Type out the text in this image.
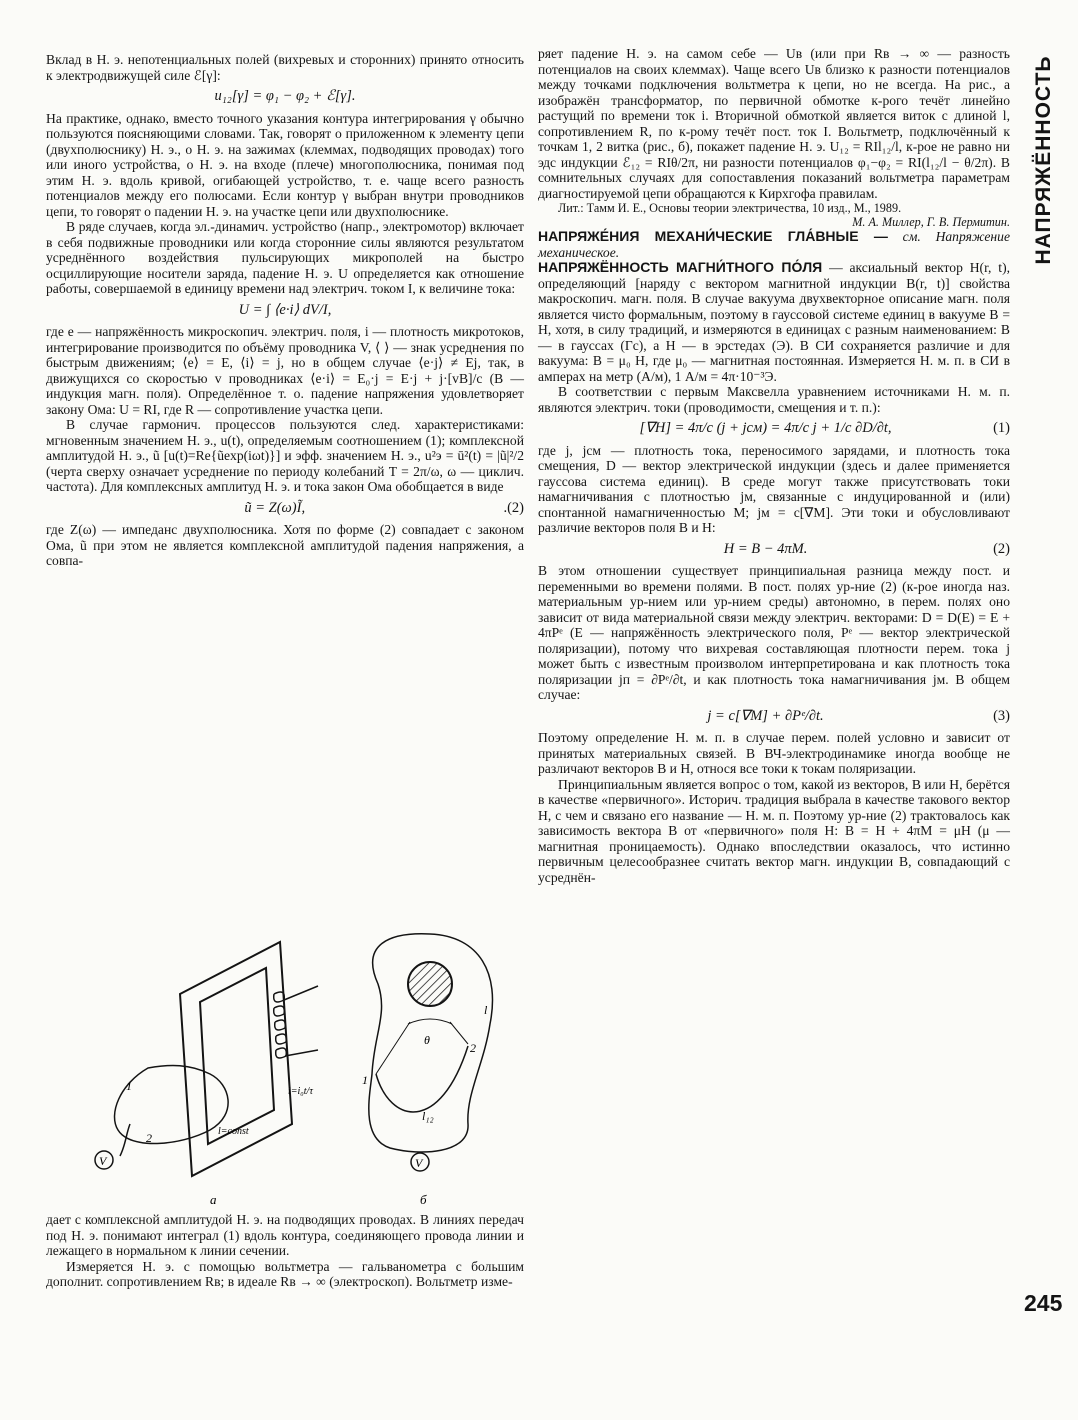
НАПРЯЖЁННОСТЬ
245

Вклад в Н. э. непотенциальных полей (вихревых и сторонних) принято относить к электродвижущей силе ℰ[γ]:

u₁₂[γ] = φ₁ − φ₂ + ℰ[γ].

На практике, однако, вместо точного указания контура интегрирования γ обычно пользуются поясняющими словами. Так, говорят о приложенном к элементу цепи (двухполюснику) Н. э., о Н. э. на зажимах (клеммах, подводящих проводах) того или иного устройства, о Н. э. на входе (плече) многополюсника, понимая под этим Н. э. вдоль кривой, огибающей устройство, т. е. чаще всего разность потенциалов между его полюсами. Если контур γ выбран внутри проводников цепи, то говорят о падении Н. э. на участке цепи или двухполюснике.

В ряде случаев, когда эл.-динамич. устройство (напр., электромотор) включает в себя подвижные проводники или когда сторонние силы являются результатом усреднённого воздействия пульсирующих микрополей на быстро осциллирующие носители заряда, падение Н. э. U определяется как отношение работы, совершаемой в единицу времени над электрич. током I, к величине тока:

U = ∫ ⟨e·i⟩ dV/I,

где e — напряжённость микроскопич. электрич. поля, i — плотность микротоков, интегрирование производится по объёму проводника V, ⟨ ⟩ — знак усреднения по быстрым движениям; ⟨e⟩ = E, ⟨i⟩ = j, но в общем случае ⟨e·j⟩ ≠ Ej, так, в движущихся со скоростью v проводниках ⟨e·i⟩ = E₀·j = E·j + j·[vB]/c (B — индукция магн. поля). Определённое т. о. падение напряжения удовлетворяет закону Ома: U = RI, где R — сопротивление участка цепи.

В случае гармонич. процессов пользуются след. характеристиками: мгновенным значением Н. э., u(t), определяемым соотношением (1); комплексной амплитудой Н. э., ũ [u(t)=Re{ũexp(iωt)}] и эфф. значением Н. э., u²э = ū²(t) = |ũ|²/2 (черта сверху означает усреднение по периоду колебаний T = 2π/ω, ω — циклич. частота). Для комплексных амплитуд Н. э. и тока закон Ома обобщается в виде

.(2)
ũ = Z(ω)Ĩ,

где Z(ω) — импеданс двухполюсника. Хотя по форме (2) совпадает с законом Ома, ũ при этом не является комплексной амплитудой падения напряжения, а совпа-

V
1
2	l=const
i=i₀t/τ
а
V
θ
l₁₂
1
2
l
б

дает с комплексной амплитудой Н. э. на подводящих проводах. В линиях передач под Н. э. понимают интеграл (1) вдоль контура, соединяющего провода линии и лежащего в нормальном к линии сечении.

Измеряется Н. э. с помощью вольтметра — гальванометра с большим дополнит. сопротивлением Rв; в идеале Rв → ∞ (электроскоп). Вольтметр изме-

ряет падение Н. э. на самом себе — Uв (или при Rв → ∞ — разность потенциалов на своих клеммах). Чаще всего Uв близко к разности потенциалов между точками подключения вольтметра к цепи, но не всегда. На рис., а изображён трансформатор, по первичной обмотке к-рого течёт линейно растущий по времени ток i. Вторичной обмоткой является виток с длиной l, сопротивлением R, по к-рому течёт пост. ток I. Вольтметр, подключённый к точкам 1, 2 витка (рис., б), покажет падение Н. э. U₁₂ = RIl₁₂/l, к-рое не равно ни эдс индукции ℰ₁₂ = RIθ/2π, ни разности потенциалов φ₁−φ₂ = RI(l₁₂/l − θ/2π). В сомнительных случаях для сопоставления показаний вольтметра параметрам диагностируемой цепи обращаются к Кирхгофа правилам.

Лит.: Тамм И. Е., Основы теории электричества, 10 изд., М., 1989.
М. А. Миллер, Г. В. Пермитин.

НАПРЯЖЕ́НИЯ МЕХАНИ́ЧЕСКИЕ ГЛА́ВНЫЕ — см. Напряжение механическое.

НАПРЯЖЁННОСТЬ МАГНИ́ТНОГО ПО́ЛЯ — аксиальный вектор H(r, t), определяющий [наряду с вектором магнитной индукции B(r, t)] свойства макроскопич. магн. поля. В случае вакуума двухвекторное описание магн. поля является чисто формальным, поэтому в гауссовой системе единиц в вакууме B = H, хотя, в силу традиций, и измеряются в единицах с разным наименованием: B — в гауссах (Гс), а H — в эрстедах (Э). В СИ сохраняется различие и для вакуума: B = μ₀ H, где μ₀ — магнитная постоянная. Измеряется Н. м. п. в СИ в амперах на метр (А/м), 1 А/м = 4π·10⁻³Э.

В соответствии с первым Максвелла уравнением источниками Н. м. п. являются электрич. токи (проводимости, смещения и т. п.):

(1)
[∇H] = 4π/c (j + jсм) = 4π/c j + 1/c ∂D/∂t,

где j, jсм — плотность тока, переносимого зарядами, и плотность тока смещения, D — вектор электрической индукции (здесь и далее применяется гауссова система единиц). В среде могут также присутствовать токи намагничивания с плотностью jм, связанные с индуцированной и (или) спонтанной намагниченностью M; jм = c[∇M]. Эти токи и обусловливают различие векторов поля B и H:

(2)
H = B − 4πM.

В этом отношении существует принципиальная разница между пост. и переменными во времени полями. В пост. полях ур-ние (2) (к-рое иногда наз. материальным ур-нием или ур-нием среды) автономно, в перем. полях оно зависит от вида материальной связи между электрич. векторами: D = D(E) = E + 4πPᵉ (E — напряжённость электрического поля, Pᵉ — вектор электрической поляризации), потому что вихревая составляющая плотности перем. тока j может быть с известным произволом интерпретирована и как плотность тока поляризации jп = ∂Pᵉ/∂t, и как плотность тока намагничивания jм. В общем случае:

(3)
j = c[∇M] + ∂Pᵉ/∂t.

Поэтому определение Н. м. п. в случае перем. полей условно и зависит от принятых материальных связей. В ВЧ-электродинамике иногда вообще не различают векторов B и H, относя все токи к токам поляризации.

Принципиальным является вопрос о том, какой из векторов, B или H, берётся в качестве «первичного». Историч. традиция выбрала в качестве такового вектор H, с чем и связано его название — Н. м. п. Поэтому ур-ние (2) трактовалось как зависимость вектора B от «первичного» поля H: B = H + 4πM = μH (μ — магнитная проницаемость). Однако впоследствии оказалось, что истинно первичным целесообразнее считать вектор магн. индукции B, совпадающий с усреднён-
